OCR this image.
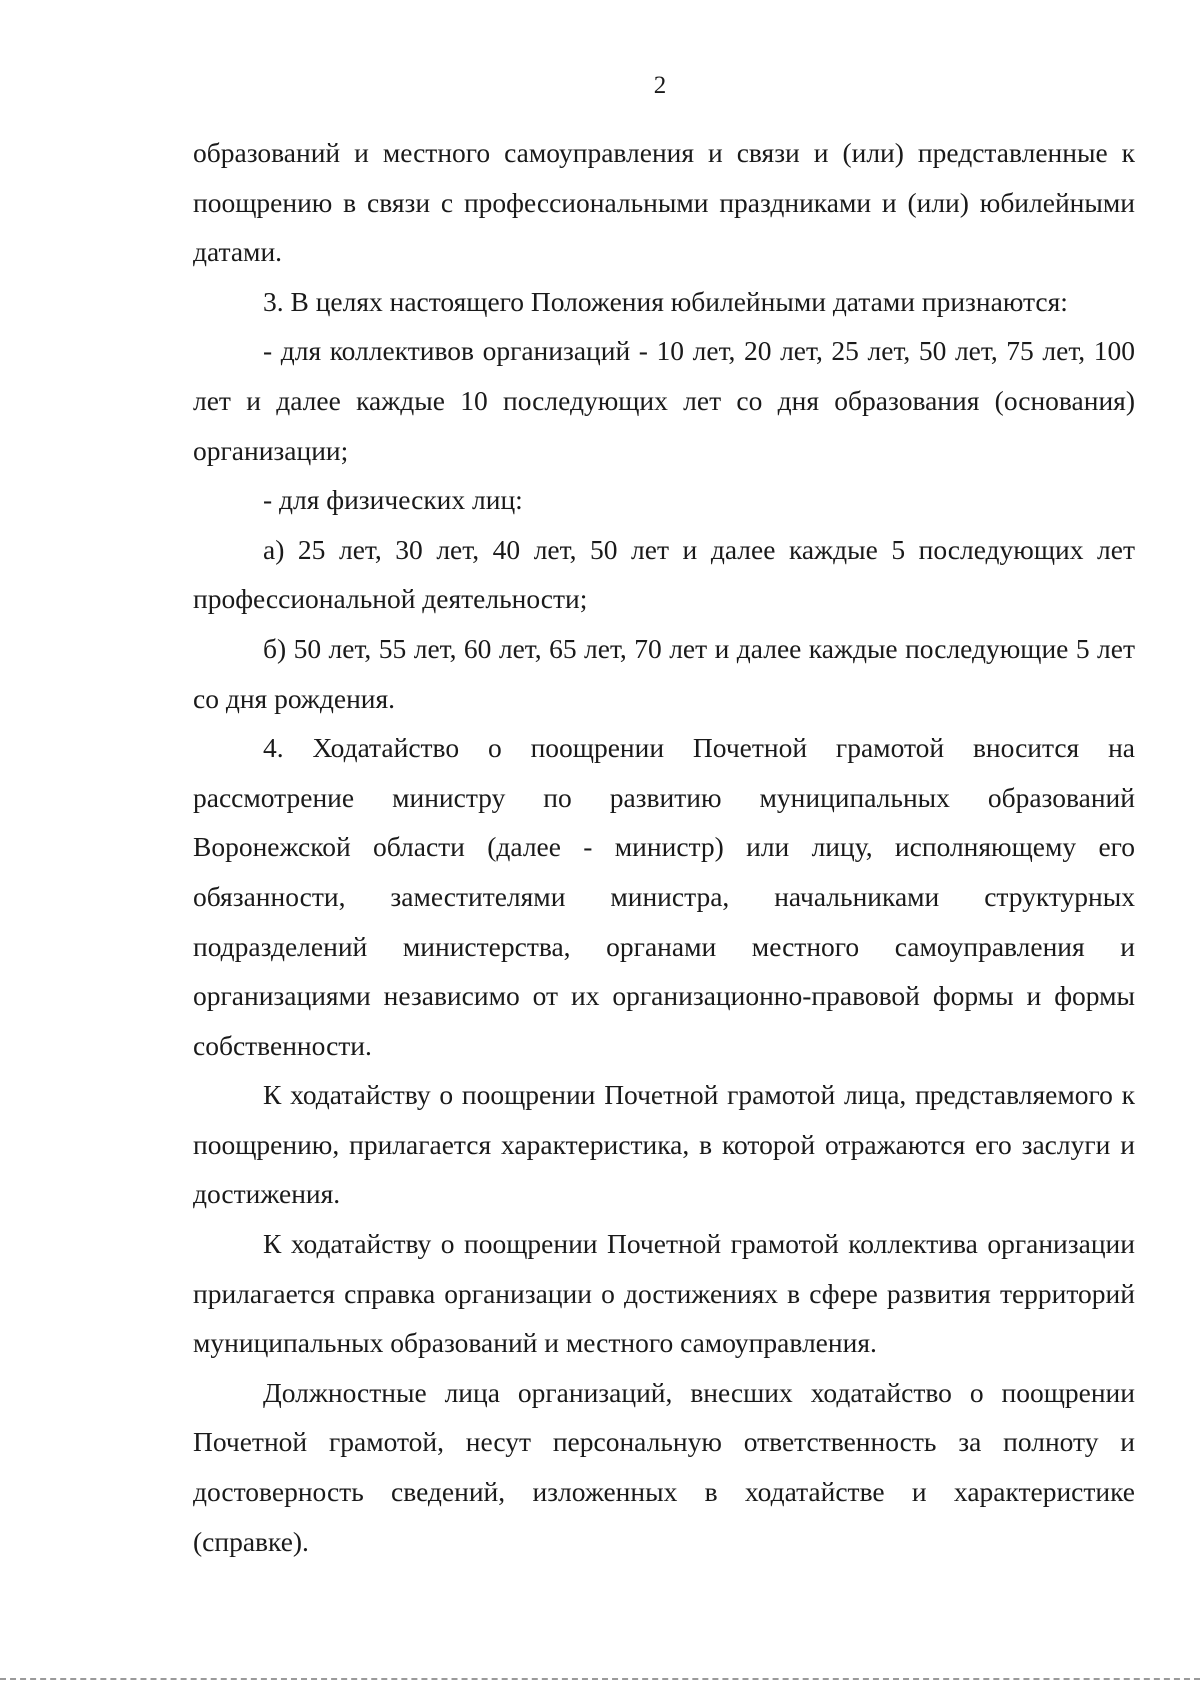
2

образований и местного самоуправления и связи и (или) представленные к поощрению в связи с профессиональными праздниками и (или) юбилейными датами.

3. В целях настоящего Положения юбилейными датами признаются:

- для коллективов организаций - 10 лет, 20 лет, 25 лет, 50 лет, 75 лет, 100 лет и далее каждые 10 последующих лет со дня образования (основания) организации;

- для физических лиц:

а) 25 лет, 30 лет, 40 лет, 50 лет и далее каждые 5 последующих лет профессиональной деятельности;

б) 50 лет, 55 лет, 60 лет, 65 лет, 70 лет и далее каждые последующие 5 лет со дня рождения.

4. Ходатайство о поощрении Почетной грамотой вносится на рассмотрение министру по развитию муниципальных образований Воронежской области (далее - министр) или лицу, исполняющему его обязанности, заместителями министра, начальниками структурных подразделений министерства, органами местного самоуправления и организациями независимо от их организационно-правовой формы и формы собственности.

К ходатайству о поощрении Почетной грамотой лица, представляемого к поощрению, прилагается характеристика, в которой отражаются его заслуги и достижения.

К ходатайству о поощрении Почетной грамотой коллектива организации прилагается справка организации о достижениях в сфере развития территорий муниципальных образований и местного самоуправления.

Должностные лица организаций, внесших ходатайство о поощрении Почетной грамотой, несут персональную ответственность за полноту и достоверность сведений, изложенных в ходатайстве и характеристике (справке).
